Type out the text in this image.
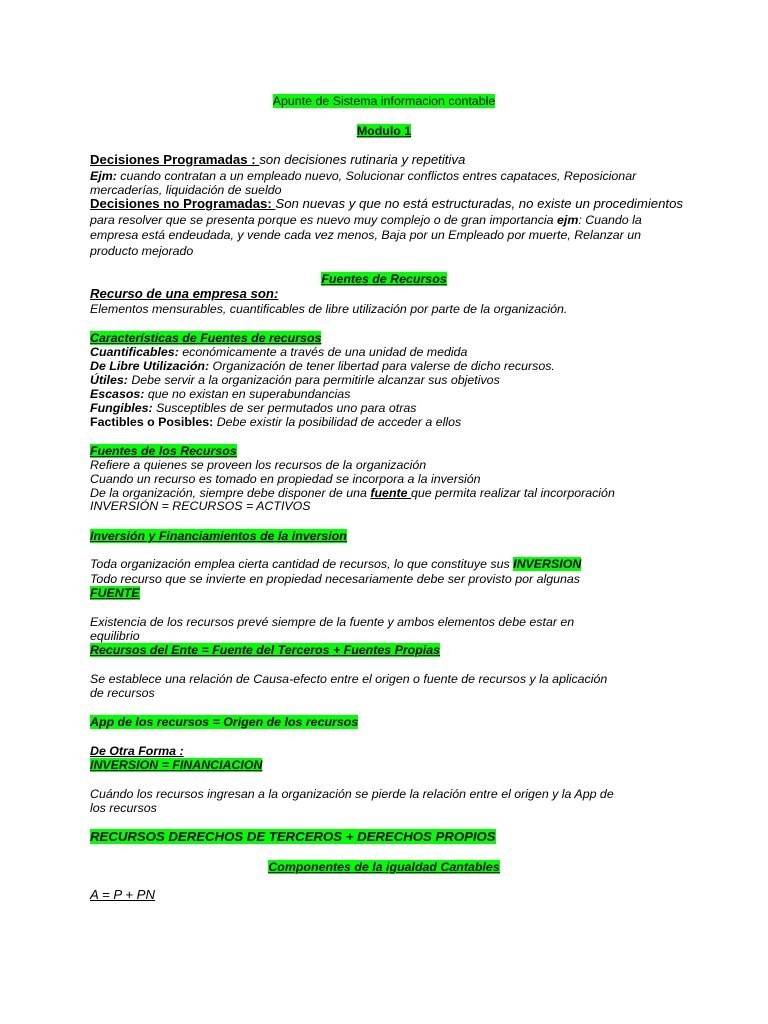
Apunte de Sistema informacion contable

Modulo 1

Decisiones Programadas : son decisiones rutinaria y repetitiva

Ejm: cuando contratan a un empleado nuevo, Solucionar conflictos entres capataces, Reposicionar

mercaderías, liquidación de sueldo

Decisiones no Programadas: Son nuevas y que no está estructuradas, no existe un procedimientos

para resolver que se presenta porque es nuevo muy complejo o de gran importancia ejm: Cuando la

empresa está endeudada, y vende cada vez menos, Baja por un Empleado por muerte, Relanzar un

producto mejorado

Fuentes de Recursos

Recurso de una empresa son:

Elementos mensurables, cuantificables de libre utilización por parte de la organización.

Características de Fuentes de recursos

Cuantificables: económicamente a través de una unidad de medida

De Libre Utilización: Organización de tener libertad para valerse de dicho recursos.

Útiles: Debe servir a la organización para permitirle alcanzar sus objetivos

Escasos: que no existan en superabundancias

Fungibles: Susceptibles de ser permutados uno para otras

Factibles o Posibles: Debe existir la posibilidad de acceder a ellos

Fuentes de los Recursos

Refiere a quienes se proveen los recursos de la organización

Cuando un recurso es tomado en propiedad se incorpora a la inversión

De la organización, siempre debe disponer de una fuente que permita realizar tal incorporación

INVERSIÓN = RECURSOS = ACTIVOS

Inversión y Financiamientos de la inversion

Toda organización emplea cierta cantidad de recursos, lo que constituye sus INVERSION

Todo recurso que se invierte en propiedad necesariamente debe ser provisto por algunas

FUENTE

Existencia de los recursos prevé siempre de la fuente y ambos elementos debe estar en

equilibrio

Recursos del Ente = Fuente del Terceros + Fuentes Propias

Se establece una relación de Causa-efecto entre el origen o fuente de recursos y la aplicación

de recursos

App de los recursos = Origen de los recursos

De Otra Forma :

INVERSION = FINANCIACION

Cuándo los recursos ingresan a la organización se pierde la relación entre el origen y la App de

los recursos

RECURSOS DERECHOS DE TERCEROS + DERECHOS PROPIOS

Componentes de la igualdad Cantables

A = P + PN
